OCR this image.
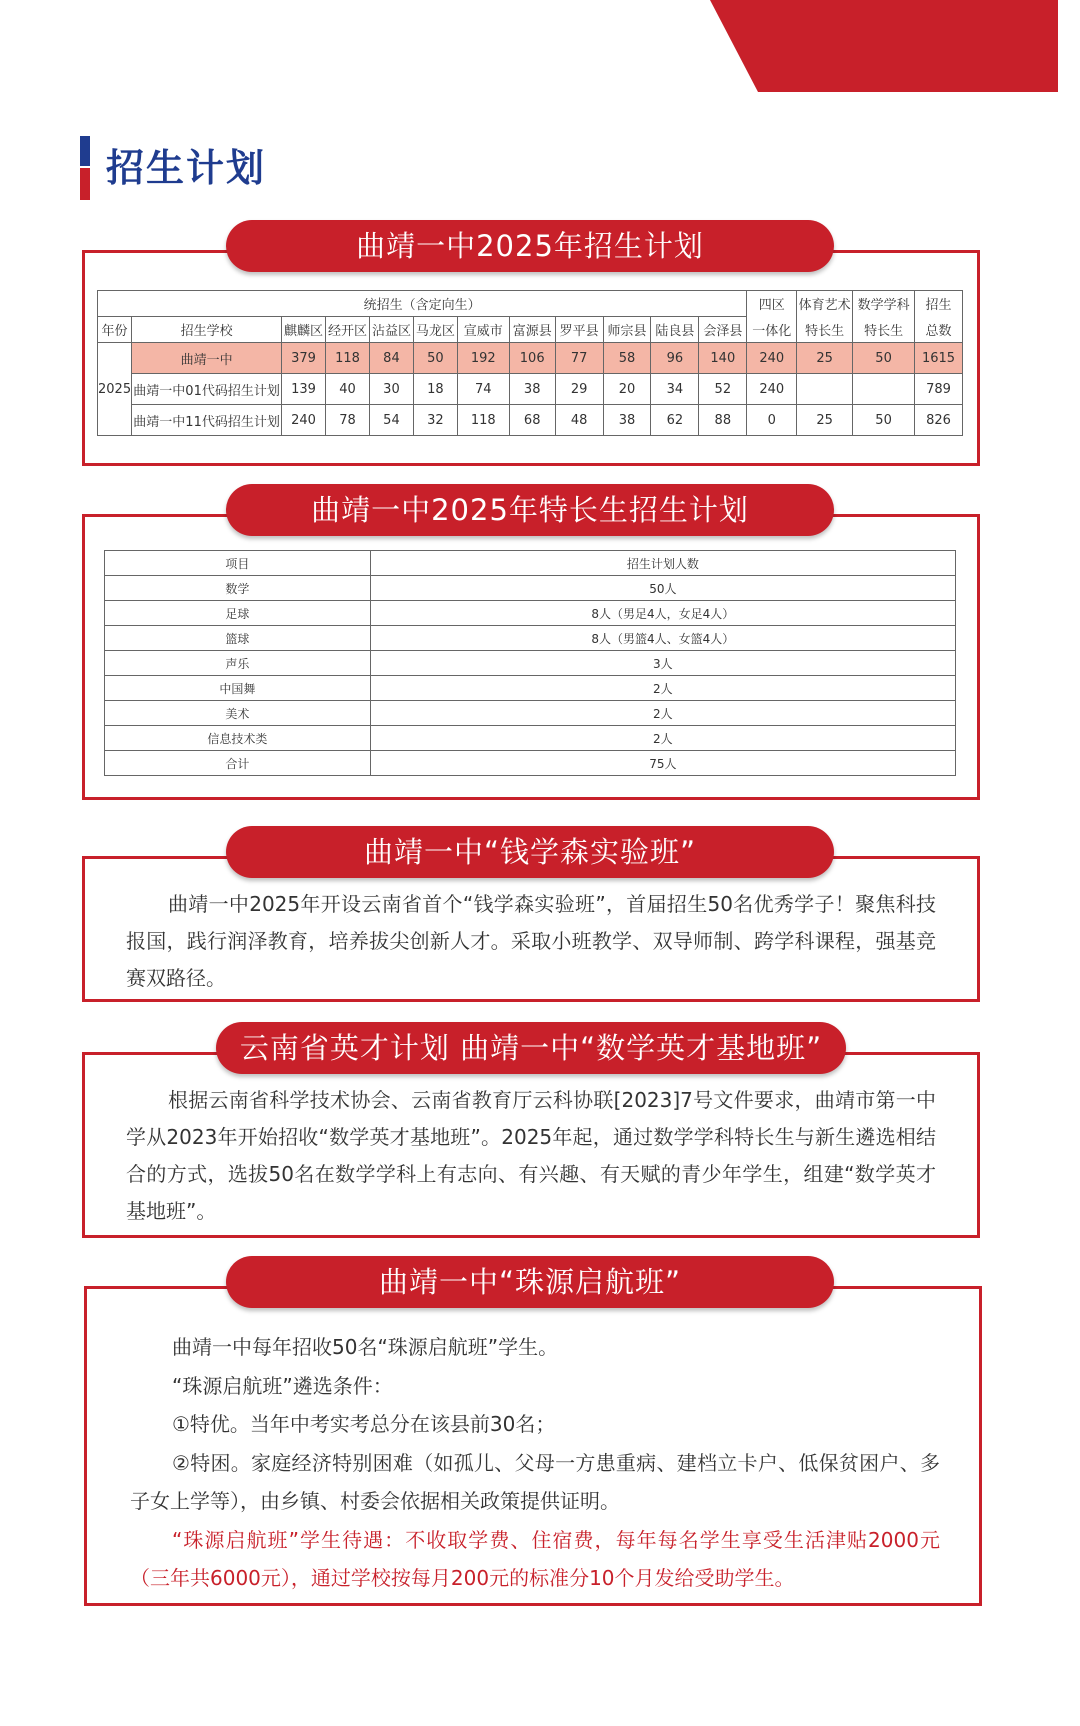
招生计划
曲靖一中2025年招生计划
统招生（含定向生）												四区	体育艺术	数学学科	招生
年份	招生学校	麒麟区	经开区	沾益区	马龙区	宣威市	富源县	罗平县	师宗县	陆良县	会泽县	一体化	特长生	特长生	总数
2025	曲靖一中	379	118	84	50	192	106	77	58	96	140	240	25	50	1615
	曲靖一中01代码招生计划	139	40	30	18	74	38	29	20	34	52	240			789
	曲靖一中11代码招生计划	240	78	54	32	118	68	48	38	62	88	0	25	50	826
曲靖一中2025年特长生招生计划
项目	招生计划人数
数学	50人
足球	8人（男足4人，女足4人）
篮球	8人（男篮4人、女篮4人）
声乐	3人
中国舞	2人
美术	2人
信息技术类	2人
合计	75人
曲靖一中“钱学森实验班”

曲靖一中2025年开设云南省首个“钱学森实验班”，首届招生50名优秀学子！聚焦科技报国，践行润泽教育，培养拔尖创新人才。采取小班教学、双导师制、跨学科课程，强基竞赛双路径。

云南省英才计划 曲靖一中“数学英才基地班”

根据云南省科学技术协会、云南省教育厅云科协联[2023]7号文件要求，曲靖市第一中学从2023年开始招收“数学英才基地班”。2025年起，通过数学学科特长生与新生遴选相结合的方式，选拔50名在数学学科上有志向、有兴趣、有天赋的青少年学生，组建“数学英才基地班”。

曲靖一中“珠源启航班”

曲靖一中每年招收50名“珠源启航班”学生。

“珠源启航班”遴选条件：

①特优。当年中考实考总分在该县前30名；

②特困。家庭经济特别困难（如孤儿、父母一方患重病、建档立卡户、低保贫困户、多子女上学等），由乡镇、村委会依据相关政策提供证明。

“珠源启航班”学生待遇：不收取学费、住宿费，每年每名学生享受生活津贴2000元（三年共6000元），通过学校按每月200元的标准分10个月发给受助学生。
